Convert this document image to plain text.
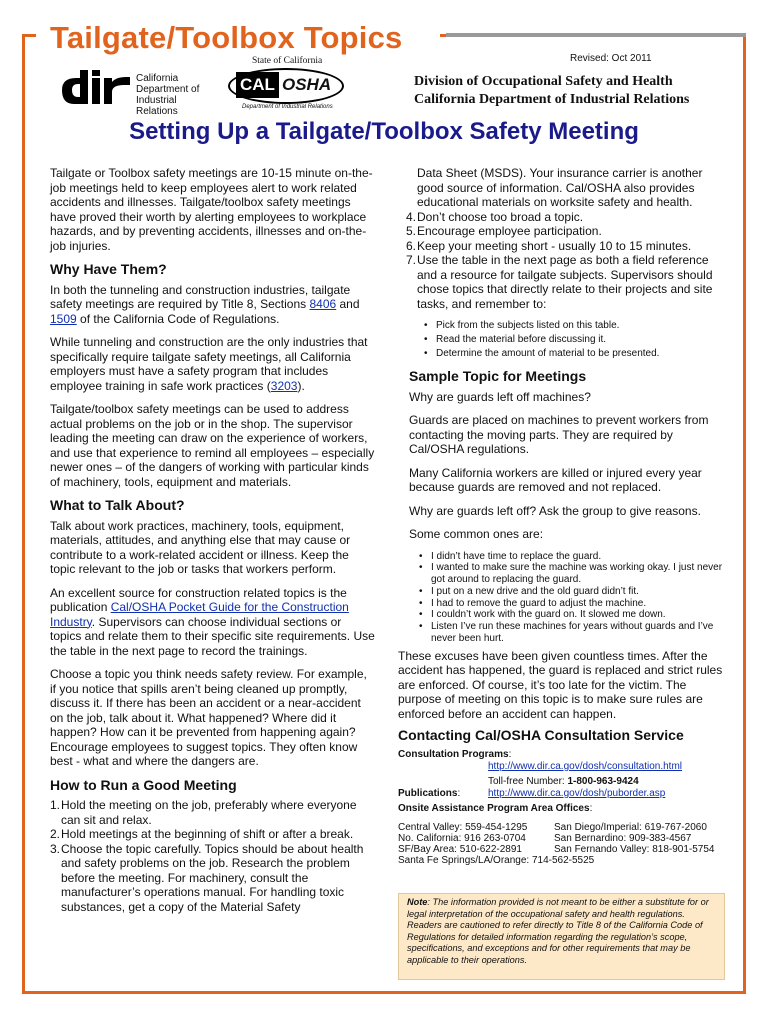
Tailgate/Toolbox Topics
Revised: Oct 2011
California
Department of
Industrial Relations
State of California
CAL OSHA
Department of Industrial Relations
Division of Occupational Safety and Health
California Department of Industrial Relations
Setting Up a Tailgate/Toolbox Safety Meeting

Tailgate or Toolbox safety meetings are 10-15 minute on-the-job meetings held to keep employees alert to work related accidents and illnesses. Tailgate/toolbox safety meetings have proved their worth by alerting employees to workplace hazards, and by preventing accidents, illnesses and on-the-job injuries.

Why Have Them?

In both the tunneling and construction industries, tailgate safety meetings are required by Title 8, Sections 8406 and 1509 of the California Code of Regulations.

While tunneling and construction are the only industries that specifically require tailgate safety meetings, all California employers must have a safety program that includes employee training in safe work practices (3203).

Tailgate/toolbox safety meetings can be used to address actual problems on the job or in the shop. The supervisor leading the meeting can draw on the experience of workers, and use that experience to remind all employees – especially newer ones – of the dangers of working with particular kinds of machinery, tools, equipment and materials.

What to Talk About?

Talk about work practices, machinery, tools, equipment, materials, attitudes, and anything else that may cause or contribute to a work-related accident or illness. Keep the topic relevant to the job or tasks that workers perform.

An excellent source for construction related topics is the publication Cal/OSHA Pocket Guide for the Construction Industry. Supervisors can choose individual sections or topics and relate them to their specific site requirements. Use the table in the next page to record the trainings.

Choose a topic you think needs safety review. For example, if you notice that spills aren’t being cleaned up promptly, discuss it. If there has been an accident or a near-accident on the job, talk about it. What happened? Where did it happen? How can it be prevented from happening again? Encourage employees to suggest topics. They often know best - what and where the dangers are.

How to Run a Good Meeting
1. Hold the meeting on the job, preferably where everyone can sit and relax.
2. Hold meetings at the beginning of shift or after a break.
3. Choose the topic carefully. Topics should be about health and safety problems on the job. Research the problem before the meeting. For machinery, consult the manufacturer’s operations manual. For handling toxic substances, get a copy of the Material Safety

Data Sheet (MSDS). Your insurance carrier is another good source of information. Cal/OSHA also provides educational materials on worksite safety and health.

4. Don’t choose too broad a topic.
5. Encourage employee participation.
6. Keep your meeting short - usually 10 to 15 minutes.
7. Use the table in the next page as both a field reference and a resource for tailgate subjects. Supervisors should chose topics that directly relate to their projects and site tasks, and remember to:
• Pick from the subjects listed on this table.
• Read the material before discussing it.
• Determine the amount of material to be presented.
Sample Topic for Meetings

Why are guards left off machines?

Guards are placed on machines to prevent workers from contacting the moving parts. They are required by Cal/OSHA regulations.

Many California workers are killed or injured every year because guards are removed and not replaced.

Why are guards left off? Ask the group to give reasons.

Some common ones are:

• I didn’t have time to replace the guard.
• I wanted to make sure the machine was working okay. I just never got around to replacing the guard.
• I put on a new drive and the old guard didn’t fit.
• I had to remove the guard to adjust the machine.
• I couldn’t work with the guard on. It slowed me down.
• Listen I’ve run these machines for years without guards and I’ve never been hurt.

These excuses have been given countless times. After the accident has happened, the guard is replaced and strict rules are enforced. Of course, it’s too late for the victim. The purpose of meeting on this topic is to make sure rules are enforced before an accident can happen.

Contacting Cal/OSHA Consultation Service
Consultation Programs:
http://www.dir.ca.gov/dosh/consultation.html
Toll-free Number: 1-800-963-9424
Publications:	http://www.dir.ca.gov/dosh/puborder.asp
Onsite Assistance Program Area Offices:
Central Valley: 559-454-1295	San Diego/Imperial: 619-767-2060
No. California: 916 263-0704	San Bernardino: 909-383-4567
SF/Bay Area: 510-622-2891	San Fernando Valley: 818-901-5754
Santa Fe Springs/LA/Orange: 714-562-5525
Note: The information provided is not meant to be either a substitute for or legal interpretation of the occupational safety and health regulations. Readers are cautioned to refer directly to Title 8 of the California Code of Regulations for detailed information regarding the regulation’s scope, specifications, and exceptions and for other requirements that may be applicable to their operations.
